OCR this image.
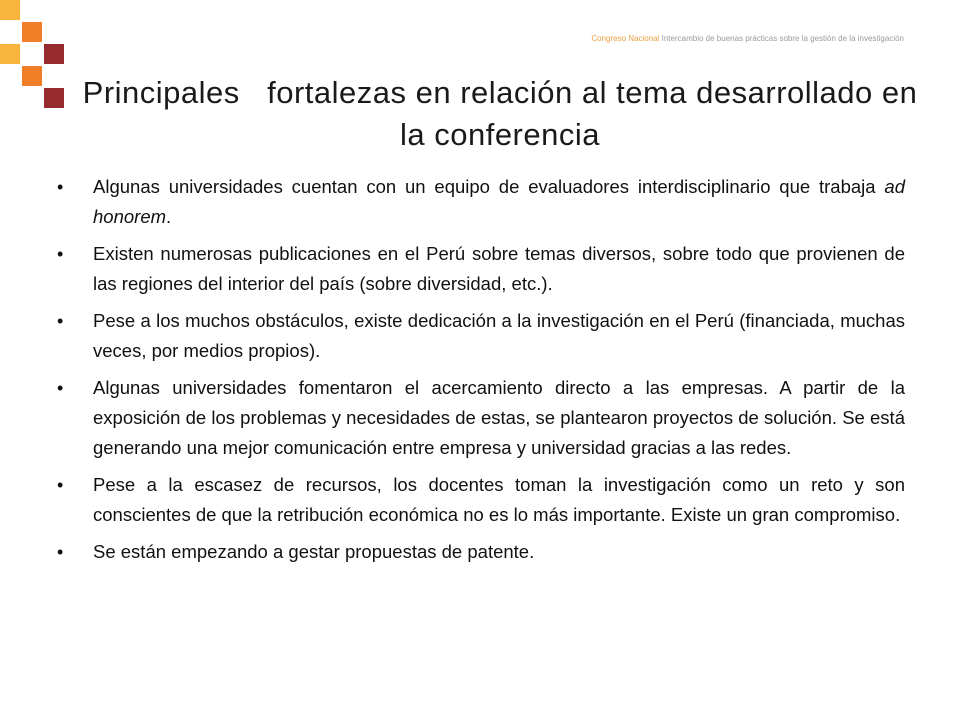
Congreso Nacional Intercambio de buenas prácticas sobre la gestión de la investigación
Principales   fortalezas en relación al tema desarrollado en
la conferencia
• Algunas universidades cuentan con un equipo de evaluadores interdisciplinario que trabaja ad honorem.
• Existen numerosas publicaciones en el Perú sobre temas diversos, sobre todo que provienen de las regiones del interior del país (sobre diversidad, etc.).
• Pese a los muchos obstáculos, existe dedicación a la investigación en el Perú (financiada, muchas veces, por medios propios).
• Algunas universidades fomentaron el acercamiento directo a las empresas. A partir de la exposición de los problemas y necesidades de estas, se plantearon proyectos de solución. Se está generando una mejor comunicación entre empresa y universidad gracias a las redes.
• Pese a la escasez de recursos, los docentes toman la investigación como un reto y son conscientes de que la retribución económica no es lo más importante. Existe un gran compromiso.
• Se están empezando a gestar propuestas de patente.
